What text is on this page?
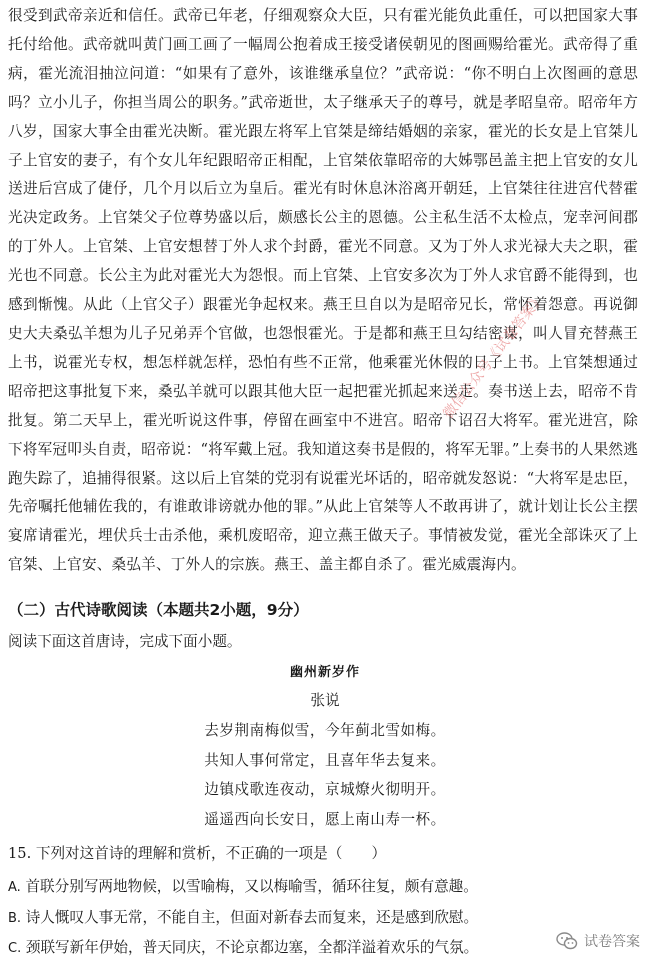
很受到武帝亲近和信任。武帝已年老，仔细观察众大臣，只有霍光能负此重任，可以把国家大事托付给他。武帝就叫黄门画工画了一幅周公抱着成王接受诸侯朝见的图画赐给霍光。武帝得了重病，霍光流泪抽泣问道：“如果有了意外，该谁继承皇位？”武帝说：“你不明白上次图画的意思吗？立小儿子，你担当周公的职务。”武帝逝世，太子继承天子的尊号，就是孝昭皇帝。昭帝年方八岁，国家大事全由霍光决断。霍光跟左将军上官桀是缔结婚姻的亲家，霍光的长女是上官桀儿子上官安的妻子，有个女儿年纪跟昭帝正相配，上官桀依靠昭帝的大姊鄂邑盖主把上官安的女儿送进后宫成了倢伃，几个月以后立为皇后。霍光有时休息沐浴离开朝廷，上官桀往往进宫代替霍光决定政务。上官桀父子位尊势盛以后，颇感长公主的恩德。公主私生活不太检点，宠幸河间郡的丁外人。上官桀、上官安想替丁外人求个封爵，霍光不同意。又为丁外人求光禄大夫之职，霍光也不同意。长公主为此对霍光大为怨恨。而上官桀、上官安多次为丁外人求官爵不能得到，也感到惭愧。从此（上官父子）跟霍光争起权来。燕王旦自以为是昭帝兄长，常怀着怨意。再说御史大夫桑弘羊想为儿子兄弟弄个官做，也怨恨霍光。于是都和燕王旦勾结密谋，叫人冒充替燕王上书，说霍光专权，想怎样就怎样，恐怕有些不正常，他乘霍光休假的日子上书。上官桀想通过昭帝把这事批复下来，桑弘羊就可以跟其他大臣一起把霍光抓起来送走。奏书送上去，昭帝不肯批复。第二天早上，霍光听说这件事，停留在画室中不进宫。昭帝下诏召大将军。霍光进宫，除下将军冠叩头自责，昭帝说：“将军戴上冠。我知道这奏书是假的，将军无罪。”上奏书的人果然逃跑失踪了，追捕得很紧。这以后上官桀的党羽有说霍光坏话的，昭帝就发怒说：“大将军是忠臣，先帝嘱托他辅佐我的，有谁敢诽谤就办他的罪。”从此上官桀等人不敢再讲了，就计划让长公主摆宴席请霍光，埋伏兵士击杀他，乘机废昭帝，迎立燕王做天子。事情被发觉，霍光全部诛灭了上官桀、上官安、桑弘羊、丁外人的宗族。燕王、盖主都自杀了。霍光威震海内。

微信公众号《试卷答案》

（二）古代诗歌阅读（本题共2小题，9分）

阅读下面这首唐诗，完成下面小题。

幽州新岁作

张说

去岁荆南梅似雪，今年蓟北雪如梅。

共知人事何常定，且喜年华去复来。

边镇戍歌连夜动，京城燎火彻明开。

遥遥西向长安日，愿上南山寿一杯。

15. 下列对这首诗的理解和赏析，不正确的一项是（　　）

A. 首联分别写两地物候，以雪喻梅，又以梅喻雪，循环往复，颇有意趣。
B. 诗人慨叹人事无常，不能自主，但面对新春去而复来，还是感到欣慰。
C. 颈联写新年伊始，普天同庆，不论京都边塞，全都洋溢着欢乐的气氛。	试卷答案
